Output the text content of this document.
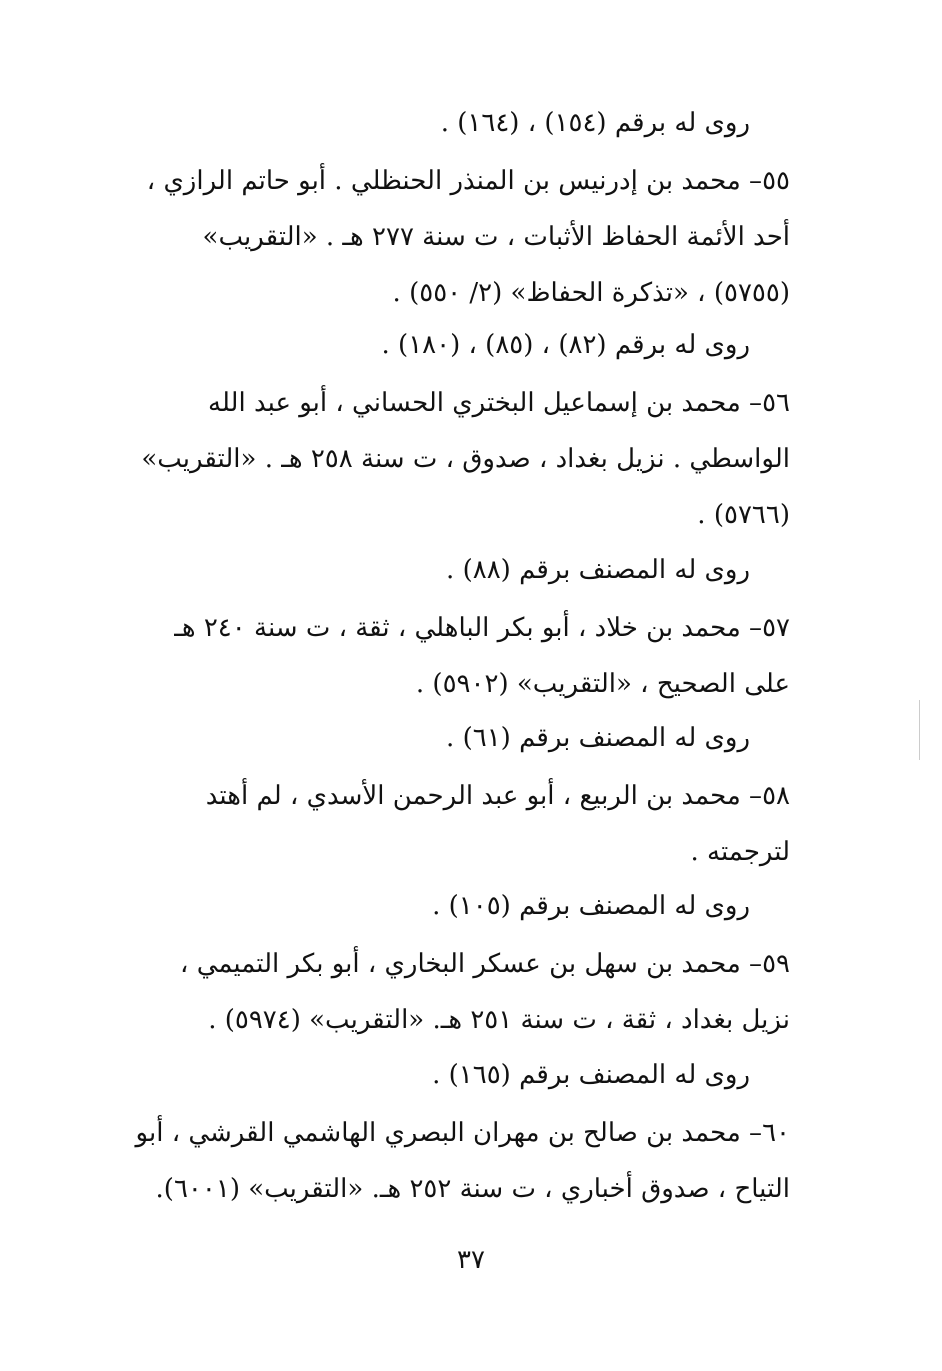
روى له برقم (١٥٤) ، (١٦٤) .
٥٥– محمد بن إدرنيس بن المنذر الحنظلي . أبو حاتم الرازي ،
أحد الأئمة الحفاظ الأثبات ، ت سنة ٢٧٧ هـ . «التقريب»
(٥٧٥٥) ، «تذكرة الحفاظ» (٢/ ٥٥٠) .
روى له برقم (٨٢) ، (٨٥) ، (١٨٠) .
٥٦– محمد بن إسماعيل البختري الحساني ، أبو عبد الله
الواسطي . نزيل بغداد ، صدوق ، ت سنة ٢٥٨ هـ . «التقريب»
(٥٧٦٦) .
روى له المصنف برقم (٨٨) .
٥٧– محمد بن خلاد ، أبو بكر الباهلي ، ثقة ، ت سنة ٢٤٠ هـ
على الصحيح ، «التقريب» (٥٩٠٢) .
روى له المصنف برقم (٦١) .
٥٨– محمد بن الربيع ، أبو عبد الرحمن الأسدي ، لم أهتد
لترجمته .
روى له المصنف برقم (١٠٥) .
٥٩– محمد بن سهل بن عسكر البخاري ، أبو بكر التميمي ،
نزيل بغداد ، ثقة ، ت سنة ٢٥١ هـ. «التقريب» (٥٩٧٤) .
روى له المصنف برقم (١٦٥) .
٦٠– محمد بن صالح بن مهران البصري الهاشمي القرشي ، أبو
التياح ، صدوق أخباري ، ت سنة ٢٥٢ هـ. «التقريب» (٦٠٠١).
٣٧
